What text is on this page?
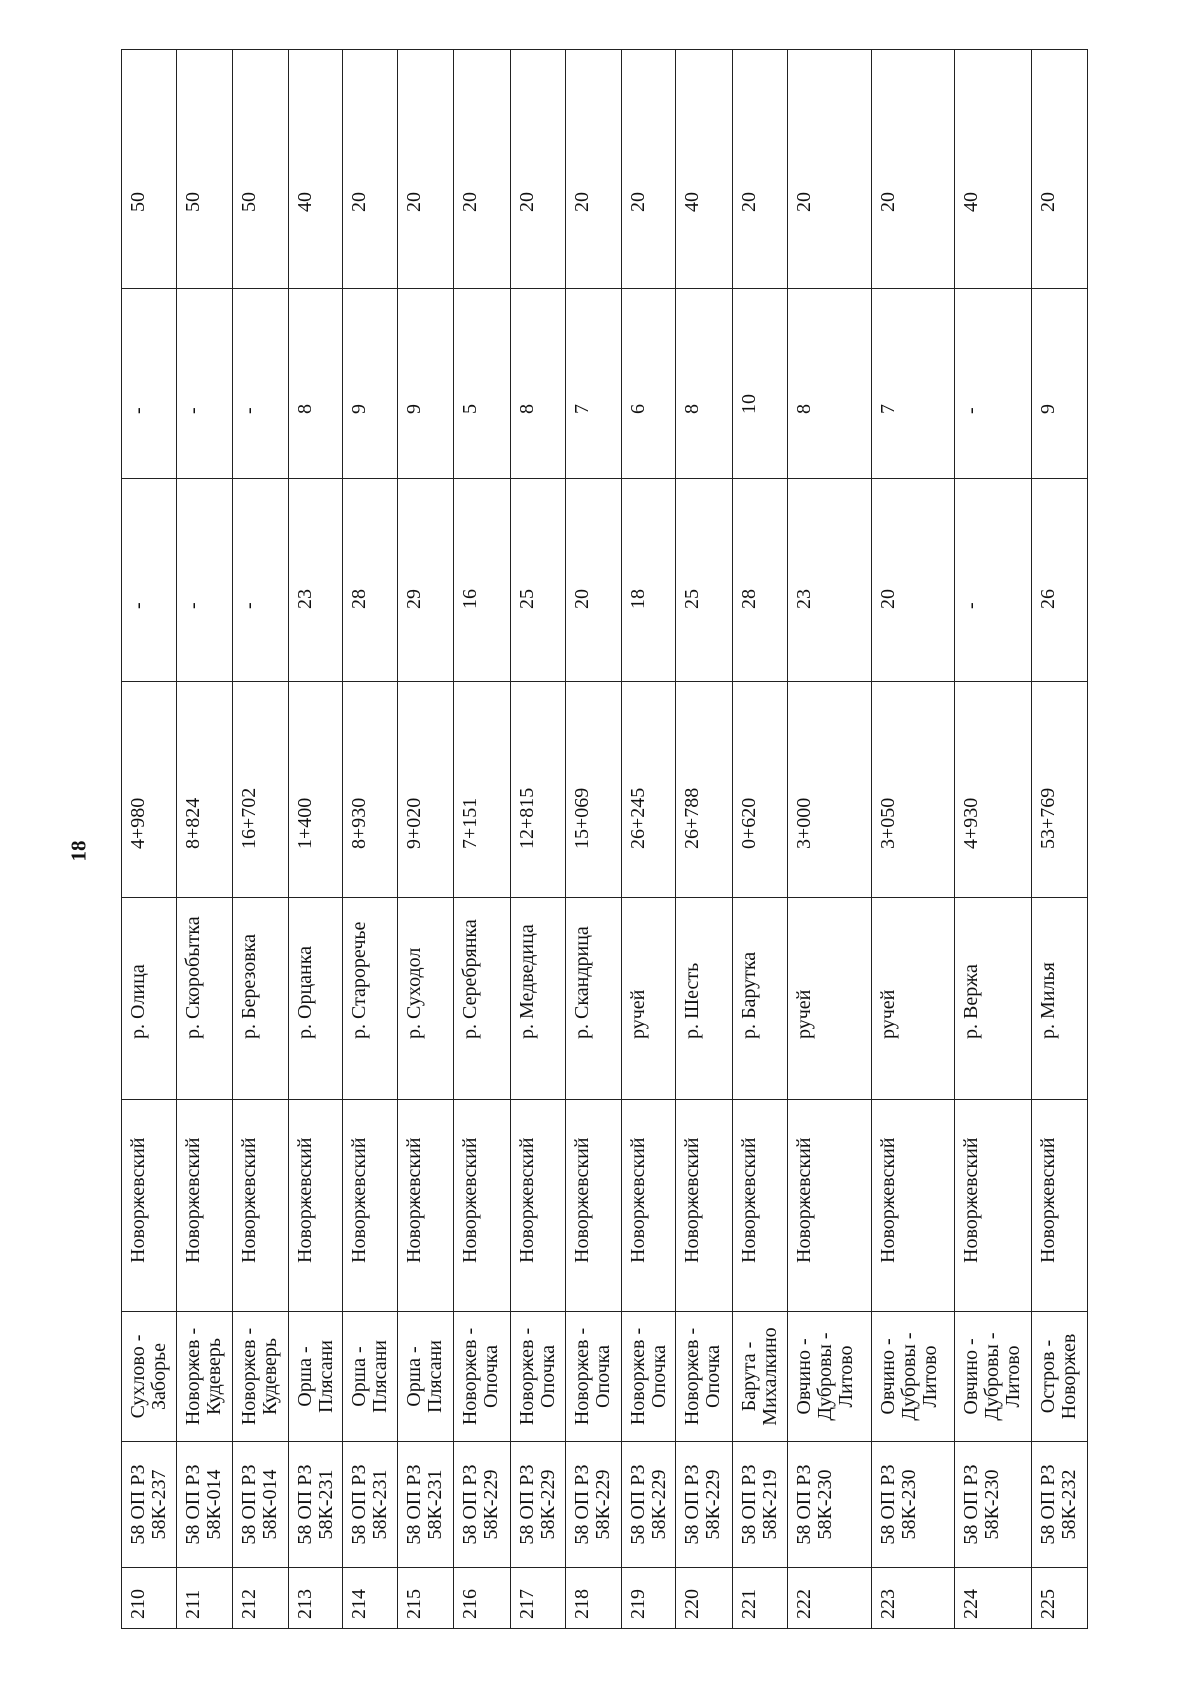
18
210	58 ОП РЗ 58К-237	Сухлово - Заборье	Новоржевский	р. Олица	4+980	-	-	50
211	58 ОП РЗ 58К-014	Новоржев - Кудеверь	Новоржевский	р. Скоробытка	8+824	-	-	50
212	58 ОП РЗ 58К-014	Новоржев - Кудеверь	Новоржевский	р. Березовка	16+702	-	-	50
213	58 ОП РЗ 58К-231	Орша - Плясани	Новоржевский	р. Орцанка	1+400	23	8	40
214	58 ОП РЗ 58К-231	Орша - Плясани	Новоржевский	р. Староречье	8+930	28	9	20
215	58 ОП РЗ 58К-231	Орша - Плясани	Новоржевский	р. Суходол	9+020	29	9	20
216	58 ОП РЗ 58К-229	Новоржев - Опочка	Новоржевский	р. Серебрянка	7+151	16	5	20
217	58 ОП РЗ 58К-229	Новоржев - Опочка	Новоржевский	р. Медведица	12+815	25	8	20
218	58 ОП РЗ 58К-229	Новоржев - Опочка	Новоржевский	р. Скандрица	15+069	20	7	20
219	58 ОП РЗ 58К-229	Новоржев - Опочка	Новоржевский	ручей	26+245	18	6	20
220	58 ОП РЗ 58К-229	Новоржев - Опочка	Новоржевский	р. Шесть	26+788	25	8	40
221	58 ОП РЗ 58К-219	Барута - Михалкино	Новоржевский	р. Барутка	0+620	28	10	20
222	58 ОП РЗ 58К-230	Овчино - Дубровы - Литово	Новоржевский	ручей	3+000	23	8	20
223	58 ОП РЗ 58К-230	Овчино - Дубровы - Литово	Новоржевский	ручей	3+050	20	7	20
224	58 ОП РЗ 58К-230	Овчино - Дубровы - Литово	Новоржевский	р. Вержа	4+930	-	-	40
225	58 ОП РЗ 58К-232	Остров - Новоржев	Новоржевский	р. Милья	53+769	26	9	20
